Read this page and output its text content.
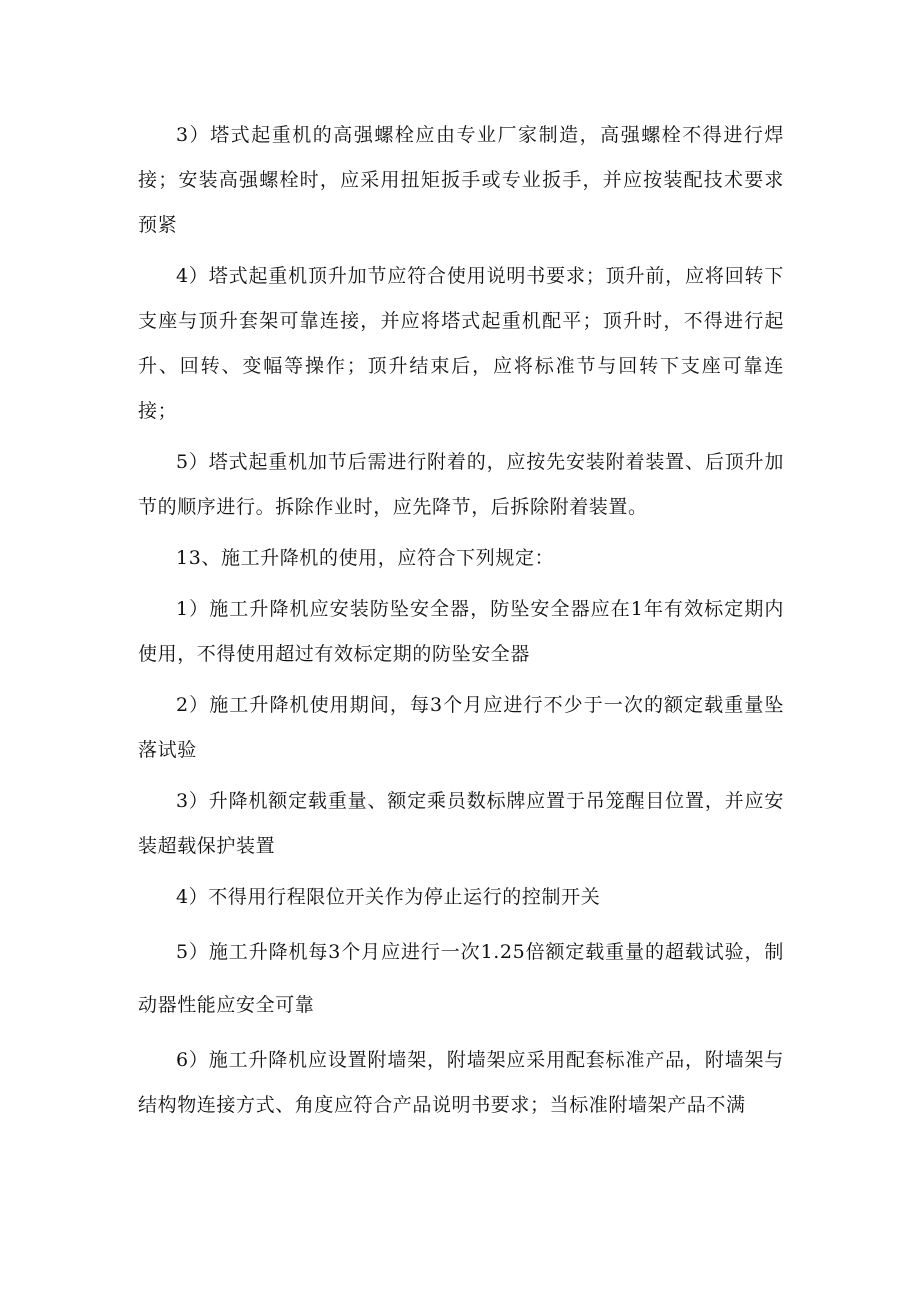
3）塔式起重机的高强螺栓应由专业厂家制造，高强螺栓不得进行焊接；安装高强螺栓时，应采用扭矩扳手或专业扳手，并应按装配技术要求预紧

4）塔式起重机顶升加节应符合使用说明书要求；顶升前，应将回转下支座与顶升套架可靠连接，并应将塔式起重机配平；顶升时，不得进行起升、回转、变幅等操作；顶升结束后，应将标准节与回转下支座可靠连接；

5）塔式起重机加节后需进行附着的，应按先安装附着装置、后顶升加节的顺序进行。拆除作业时，应先降节，后拆除附着装置。

13、施工升降机的使用，应符合下列规定：

1）施工升降机应安装防坠安全器，防坠安全器应在1年有效标定期内使用，不得使用超过有效标定期的防坠安全器

2）施工升降机使用期间，每3个月应进行不少于一次的额定载重量坠落试验

3）升降机额定载重量、额定乘员数标牌应置于吊笼醒目位置，并应安装超载保护装置

4）不得用行程限位开关作为停止运行的控制开关

5）施工升降机每3个月应进行一次1.25倍额定载重量的超载试验，制动器性能应安全可靠

6）施工升降机应设置附墙架，附墙架应采用配套标准产品，附墙架与结构物连接方式、角度应符合产品说明书要求；当标准附墙架产品不满
